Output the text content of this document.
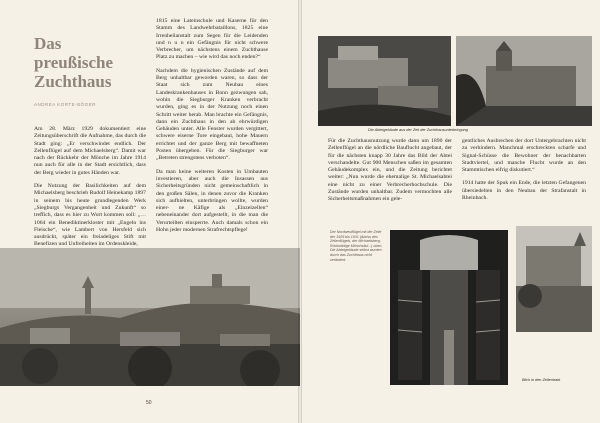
Das preußische Zuchthaus
ANDREA KORTE-BÖGER

Am 28. März 1929 dokumentiert eine Zeitungsüberschrift die Aufnahme, das durch die Stadt ging: „Er verschwindet endlich. Der Zellenflügel auf dem Michaelsberg“. Damit war nach der Rückkehr der Mönche im Jahre 1914 nun auch für alle in der Stadt ersichtlich, dass der Berg wieder in gutes Händen war.

Die Nutzung der Basilichkeiten auf dem Michaelsberg beschrieb Rudolf Heinekamp 1897 in seinem bis heute grundlegenden Werk „Siegburgs Vergangenheit und Zukunft“ so treffich, dass es hier zu Wort kommen soll: „…1064 ein Benediktinerkloster mit „Engeln ins Fleische“, wie Lambert von Hersfeld sich ausdrückt, später ein freiadeliges Stift mit Benefizen und Unfreiheiten im Ordenskleide,

1815 eine Lateinschule und Kaserne für den Stamm des Landwehrbataillons, 1825 eine Irrenheilanstalt zum Segen für die Leidenden und n u n ein Gefängnis für nicht schwere Verbrecher, um nächstens einem Zuchthause Platz zu machen – wie wird das noch enden?“

Nachdem die hygienischen Zustände auf dem Berg unhaltbar geworden waren, so dass der Staat sich zum Neubau eines Landeskrankenhauses in Bonn gezwungen sah, wohin die Siegburger Kranken verbracht wurden, ging es in der Nutzung noch einen Schritt weiter herab. Man brachte ein Gefängnis, dann ein Zuchthaus in den ab ehrwürdigen Gebäuden unter. Alle Fenster wurden vergittert, schwere eiserne Tore eingebaut, hohe Mauern errichtet und der ganze Berg mit bewaffneten Posten übergeben. Für die Siegburger war „Betreten strengstens verboten“.

Da man keine weiteren Kosten in Umbauten investieren, aber auch die Insassen aus Sicherheitsgründen nicht gemeinschaftlich in den großen Sälen, in denen zuvor die Kranken sich aufhielten, unterbringen wollte, wurden einer- ne Käfige als „Einzelzellen“ nebeneinander dort aufgestellt, in die man die Verurteilten einsperrte. Auch damals schon ein Hohn jeder modernen Strafrechtspflege!

50
Die Abteigebäude aus der Zeit der Zuchthausunterbringung

Für die Zuchthausnutzung wurde dann um 1890 der Zellenflügel an die nördliche Bauflucht angebaut, der für die nächsten knapp 30 Jahre das Bild der Abtei verschandelte. Gut 900 Menschen saßen im gesamten Gebäudekomplex ein, und die Zeitung berichtet weiter: „Nun wurde die ehemalige St. Michaelsabtei eine nicht zu einer Verbrecherhochschule. Die Zustände wurden unhaltbar. Zudem vermochten alle Sicherheitsmaßnahmen ein gele-

gentliches Ausbrechen der dort Untergebrachten nicht zu verhindern. Manchmal erschreckten scharfe und Signal-Schüsse die Bewohner der benachbarten Stadtviertel, und manche Flucht wurde an den Stammtischen eifrig diskutiert.“

1914 hatte der Spuk ein Ende, die letzten Gefangenen übersiedelten in den Neubau der Strafanstalt in Rheinbach.

Der Nordwestflügel mit der Zelle der 1929 bis 1931 (Abriss des Zellenflügels, der Michaelsberg, Rückwärtige Mönchsäul...) oben. Die Abteigebäude selbst wurden durch das Zuchthaus nicht verändert.
Blick in den Zellentrakt
